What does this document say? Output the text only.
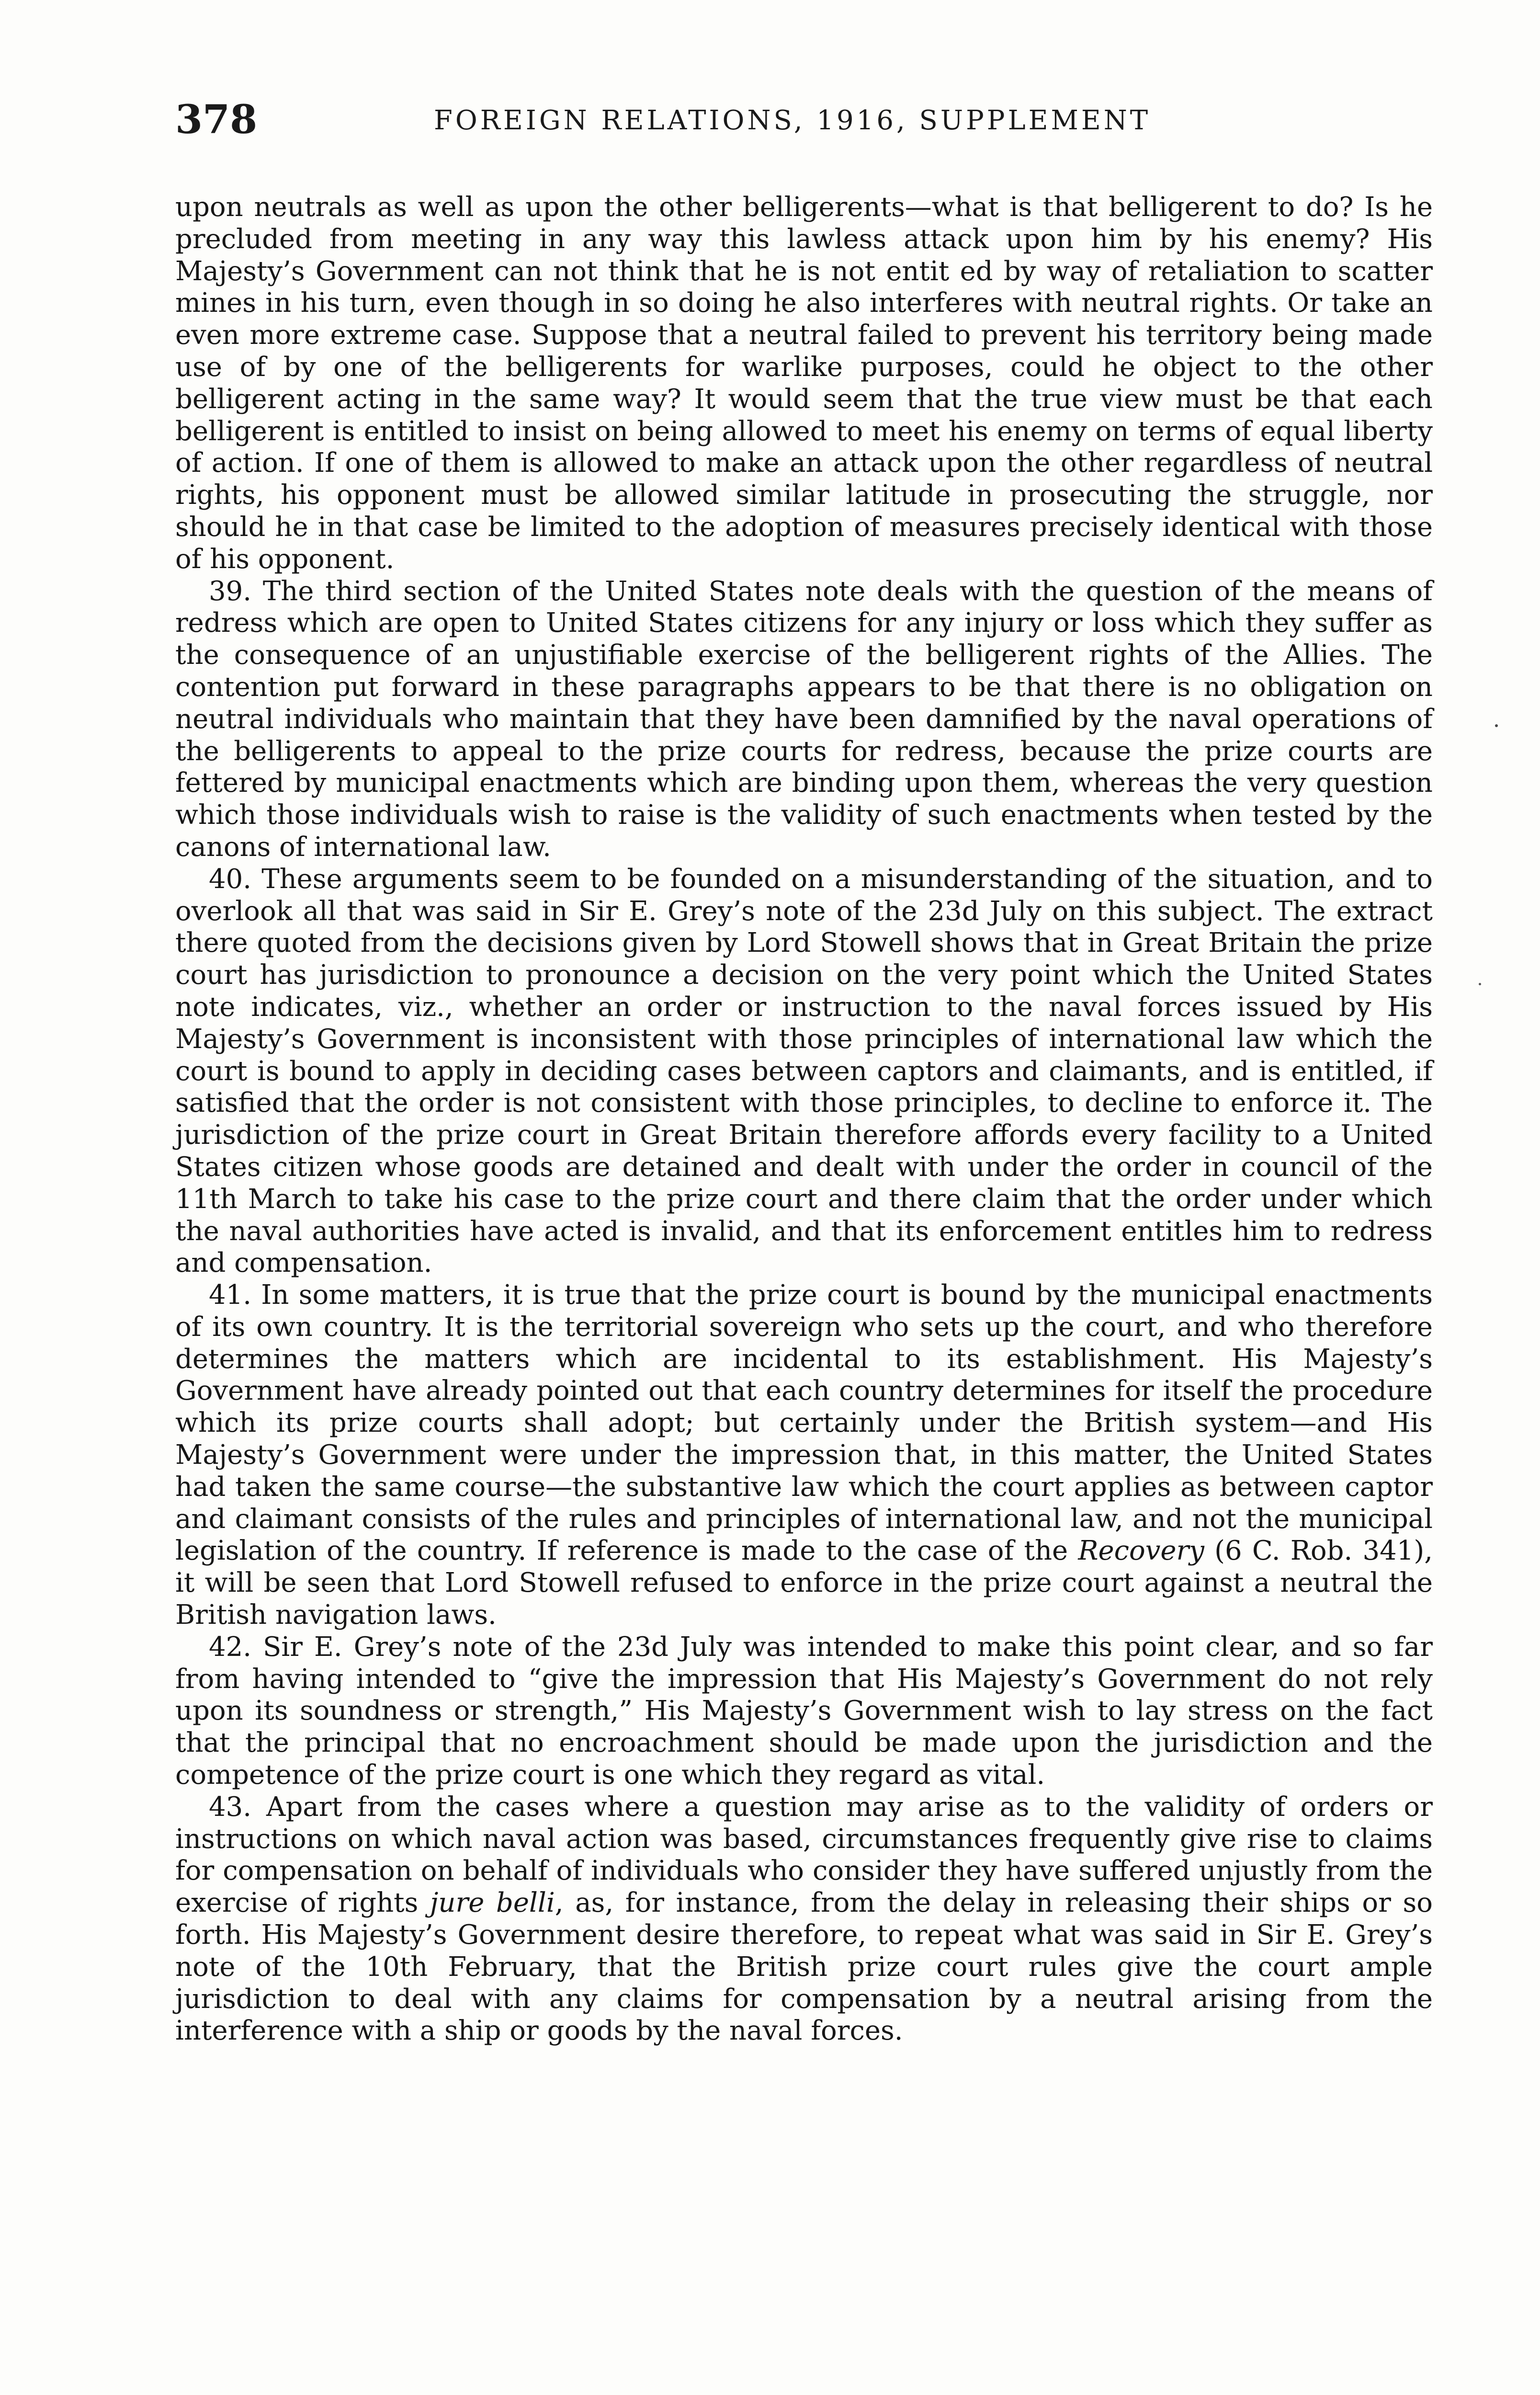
378	FOREIGN RELATIONS, 1916, SUPPLEMENT

upon neutrals as well as upon the other belligerents—what is that belligerent to do? Is he precluded from meeting in any way this lawless attack upon him by his enemy? His Majesty’s Government can not think that he is not entit ed by way of retaliation to scatter mines in his turn, even though in so doing he also interferes with neutral rights. Or take an even more extreme case. Suppose that a neutral failed to prevent his territory being made use of by one of the belligerents for warlike purposes, could he object to the other belligerent acting in the same way? It would seem that the true view must be that each belligerent is entitled to insist on being allowed to meet his enemy on terms of equal liberty of action. If one of them is allowed to make an attack upon the other regardless of neutral rights, his opponent must be allowed similar latitude in prosecuting the struggle, nor should he in that case be limited to the adoption of measures precisely identical with those of his opponent.

39. The third section of the United States note deals with the question of the means of redress which are open to United States citizens for any injury or loss which they suffer as the consequence of an unjustifiable exercise of the belligerent rights of the Allies. The contention put forward in these paragraphs appears to be that there is no obligation on neutral individuals who maintain that they have been damnified by the naval operations of the belligerents to appeal to the prize courts for redress, because the prize courts are fettered by municipal enactments which are binding upon them, whereas the very question which those individuals wish to raise is the validity of such enactments when tested by the canons of international law.

40. These arguments seem to be founded on a misunderstanding of the situation, and to overlook all that was said in Sir E. Grey’s note of the 23d July on this subject. The extract there quoted from the decisions given by Lord Stowell shows that in Great Britain the prize court has jurisdiction to pronounce a decision on the very point which the United States note indicates, viz., whether an order or instruction to the naval forces issued by His Majesty’s Government is inconsistent with those principles of international law which the court is bound to apply in deciding cases between captors and claimants, and is entitled, if satisfied that the order is not consistent with those principles, to decline to enforce it. The jurisdiction of the prize court in Great Britain therefore affords every facility to a United States citizen whose goods are detained and dealt with under the order in council of the 11th March to take his case to the prize court and there claim that the order under which the naval authorities have acted is invalid, and that its enforcement entitles him to redress and compensation.

41. In some matters, it is true that the prize court is bound by the municipal enactments of its own country. It is the territorial sovereign who sets up the court, and who therefore determines the matters which are incidental to its establishment. His Majesty’s Government have already pointed out that each country determines for itself the procedure which its prize courts shall adopt; but certainly under the British system—and His Majesty’s Government were under the impression that, in this matter, the United States had taken the same course—the substantive law which the court applies as between captor and claimant consists of the rules and principles of international law, and not the municipal legislation of the country. If reference is made to the case of the Recovery (6 C. Rob. 341), it will be seen that Lord Stowell refused to enforce in the prize court against a neutral the British navigation laws.

42. Sir E. Grey’s note of the 23d July was intended to make this point clear, and so far from having intended to “give the impression that His Majesty’s Government do not rely upon its soundness or strength,” His Majesty’s Government wish to lay stress on the fact that the principal that no encroachment should be made upon the jurisdiction and the competence of the prize court is one which they regard as vital.

43. Apart from the cases where a question may arise as to the validity of orders or instructions on which naval action was based, circumstances frequently give rise to claims for compensation on behalf of individuals who consider they have suffered unjustly from the exercise of rights jure belli, as, for instance, from the delay in releasing their ships or so forth. His Majesty’s Government desire therefore, to repeat what was said in Sir E. Grey’s note of the 10th February, that the British prize court rules give the court ample jurisdiction to deal with any claims for compensation by a neutral arising from the interference with a ship or goods by the naval forces.
